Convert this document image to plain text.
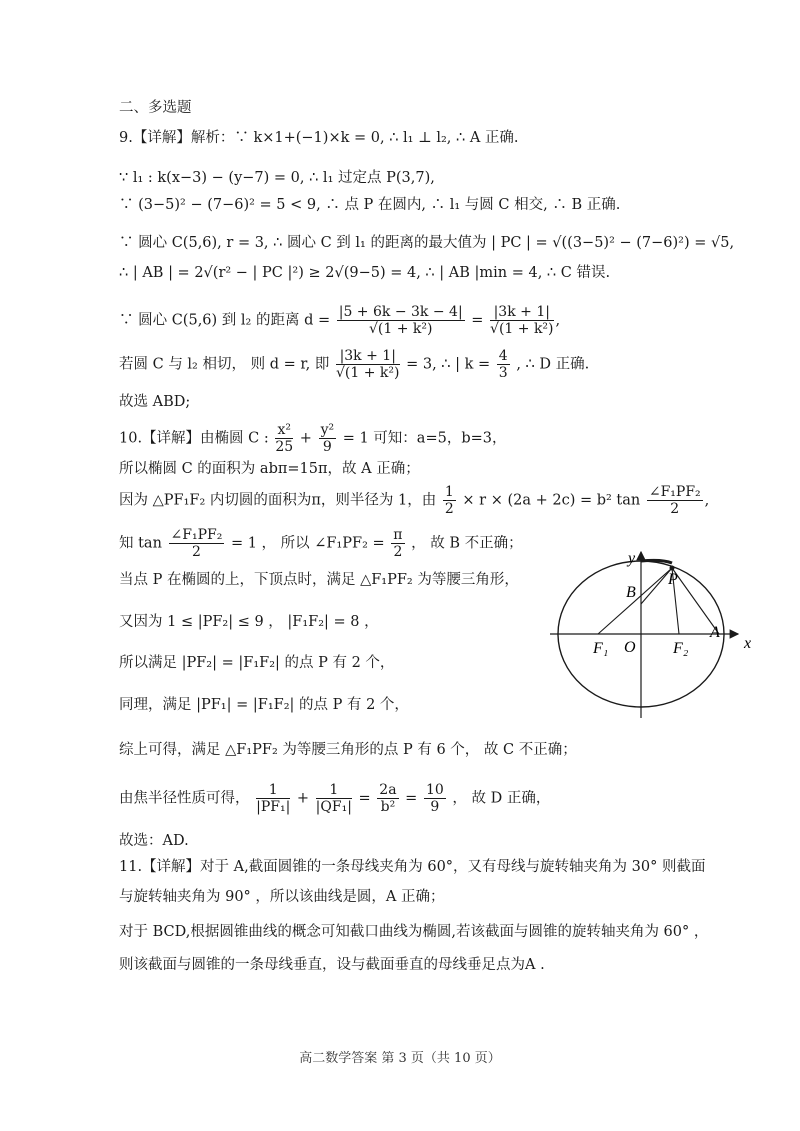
二、多选题
9.【详解】解析：∵ k×1+(−1)×k = 0, ∴ l₁ ⊥ l₂, ∴ A 正确.
∵ l₁ : k(x−3) − (y−7) = 0, ∴ l₁ 过定点 P(3,7),
∵ (3−5)² − (7−6)² = 5 < 9, ∴ 点 P 在圆内, ∴ l₁ 与圆 C 相交, ∴ B 正确.
∵ 圆心 C(5,6), r = 3, ∴ 圆心 C 到 l₁ 的距离的最大值为 | PC | = √((3−5)² − (7−6)²) = √5,
∴ | AB | = 2√(r² − | PC |²) ≥ 2√(9−5) = 4, ∴ | AB |min = 4, ∴ C 错误.
∵ 圆心 C(5,6) 到 l₂ 的距离 $d = \frac{|5 + 6k - 3k - 4|}{\text{√(1 + k²)}} = \frac{|3k + 1|}{\text{√(1 + k²)}}$ ,
若圆 C 与 l₂ 相切， 则 d = r, 即 $\frac{|3k + 1|}{\text{√(1 + k²)}} = 3$, ∴ | $k = \frac{4}{3}$ , ∴ D 正确.
故选 ABD;
10.【详解】由椭圆 C : $\frac{\text{x²}}{25} + \frac{\text{y²}}{9} = 1$ 可知：a=5，b=3，
所以椭圆 C 的面积为 abπ=15π，故 A 正确；
因为 △PF₁F₂ 内切圆的面积为π，则半径为 1，由 $\frac{1}{2} \times r \times (2a + 2c) = b^2$ $\tan \frac{\text{∠F₁PF₂}}{2}$ ,
知 $\tan \frac{\text{∠F₁PF₂}}{2} = 1$ ， 所以 ∠F₁PF₂ = $\frac{\pi}{2}$ ， 故 B 不正确；
当点 P 在椭圆的上，下顶点时，满足 △F₁PF₂ 为等腰三角形，
又因为 1 ≤ |PF₂| ≤ 9 ， |F₁F₂| = 8 ，
所以满足 |PF₂| = |F₁F₂| 的点 P 有 2 个，
同理，满足 |PF₁| = |F₁F₂| 的点 P 有 2 个，
综上可得，满足 △F₁PF₂ 为等腰三角形的点 P 有 6 个， 故 C 不正确；
由焦半径性质可得， $\frac{1}{\text{|PF₁|}} + \frac{1}{\text{|QF₁|}} = \frac{2a}{\text{b²}} = \frac{10}{9}$ ， 故 D 正确，
故选：AD.
11.【详解】对于 A,截面圆锥的一条母线夹角为 60°，又有母线与旋转轴夹角为 30° 则截面
与旋转轴夹角为 90° ，所以该曲线是圆，A 正确；
对于 BCD,根据圆锥曲线的概念可知截口曲线为椭圆,若该截面与圆锥的旋转轴夹角为 60° ，
则该截面与圆锥的一条母线垂直，设与截面垂直的母线垂足点为A .
y
x
P
B
A
O
F₁	F₂
高二数学答案 第 3 页（共 10 页）
